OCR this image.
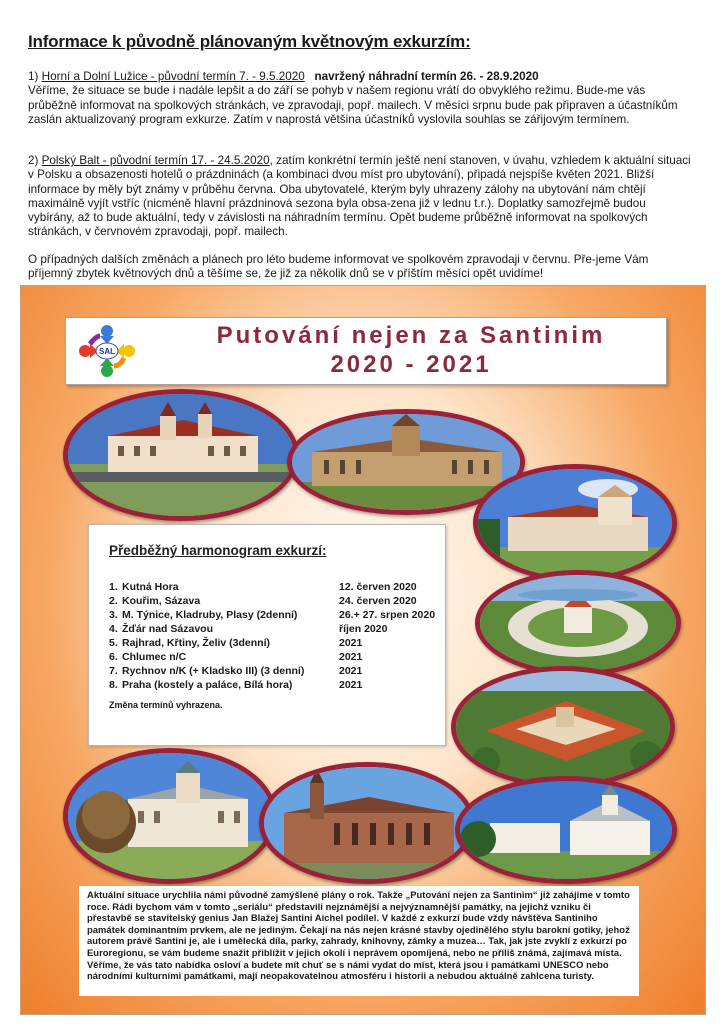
Informace k původně plánovaným květnovým exkurzím:
1) Horní a Dolní Lužice - původní termín 7. - 9.5.2020 navržený náhradní termín 26. - 28.9.2020
Věříme, že situace se bude i nadále lepšit a do září se pohyb v našem regionu vrátí do obvyklého režimu. Bude-me vás průběžně informovat na spolkových stránkách, ve zpravodaji, popř. mailech. V měsíci srpnu bude pak připraven a účastníkům zaslán aktualizovaný program exkurze. Zatím v naprostá většina účastníků vyslovila souhlas se zářijovým termínem.
2) Polský Balt - původní termín 17. - 24.5.2020, zatím konkrétní termín ještě není stanoven, v úvahu, vzhledem k aktuální situaci v Polsku a obsazenosti hotelů o prázdninách (a kombinaci dvou míst pro ubytování), připadá nejspíše květen 2021. Bližší informace by měly být známy v průběhu června. Oba ubytovatelé, kterým byly uhrazeny zálohy na ubytování nám chtějí maximálně vyjít vstříc (nicméně hlavní prázdninová sezona byla obsa-zena již v lednu t.r.). Doplatky samozřejmě budou vybírány, až to bude aktuální, tedy v závislosti na náhradním termínu. Opět budeme průběžně informovat na spolkových stránkách, v červnovém zpravodaji, popř. mailech.
O případných dalších změnách a plánech pro léto budeme informovat ve spolkovém zpravodaji v červnu. Pře-jeme Vám příjemný zbytek květnových dnů a těšíme se, že již za několik dnů se v příštím měsíci opět uvidíme!
SAL
Putování nejen za Santinim
2020 - 2021
Předběžný harmonogram exkurzí:
1. Kutná Hora	12. červen 2020
2. Kouřim, Sázava	24. červen 2020
3. M. Týnice, Kladruby, Plasy (2denní)	26.+ 27. srpen 2020
4. Žďár nad Sázavou	říjen 2020
5. Rajhrad, Křtiny, Želiv (3denní)	2021
6. Chlumec n/C	2021
7. Rychnov n/K (+ Kladsko III) (3 denní)	2021
8. Praha (kostely a paláce, Bílá hora)	2021
Změna termínů vyhrazena.
Aktuální situace urychlila námi původně zamýšlené plány o rok. Takže „Putování nejen za Santinim“ již zahájíme v tomto roce. Rádi bychom vám v tomto „seriálu“ představili nejznámější a nejvýznamnější památky, na jejichž vzniku či přestavbě se stavitelský genius Jan Blažej Santini Aichel podílel. V každé z exkurzí bude vždy návštěva Santiniho památek dominantním prvkem, ale ne jediným. Čekají na nás nejen krásné stavby ojedinělého stylu barokní gotiky, jehož autorem právě Santini je, ale i umělecká díla, parky, zahrady, knihovny, zámky a muzea… Tak, jak jste zvyklí z exkurzí po Euroregionu, se vám budeme snažit přiblížit v jejich okolí i neprávem opomíjená, nebo ne příliš známá, zajímavá místa. Věříme, že vás tato nabídka osloví a budete mít chuť se s námi vydat do míst, která jsou i památkami UNESCO nebo národními kulturními památkami, mají neopakovatelnou atmosféru i historii a nebudou aktuálně zahlcena turisty.
